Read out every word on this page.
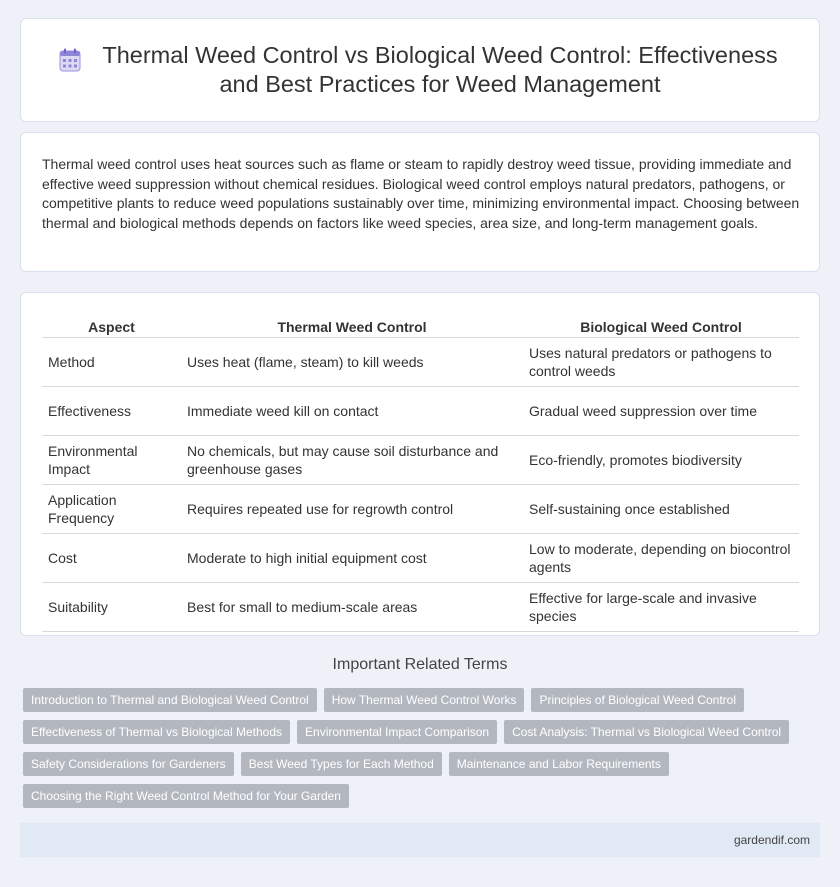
Thermal Weed Control vs Biological Weed Control: Effectiveness and Best Practices for Weed Management

Thermal weed control uses heat sources such as flame or steam to rapidly destroy weed tissue, providing immediate and effective weed suppression without chemical residues. Biological weed control employs natural predators, pathogens, or competitive plants to reduce weed populations sustainably over time, minimizing environmental impact. Choosing between thermal and biological methods depends on factors like weed species, area size, and long-term management goals.

Aspect	Thermal Weed Control	Biological Weed Control
Method	Uses heat (flame, steam) to kill weeds	Uses natural predators or pathogens to control weeds
Effectiveness	Immediate weed kill on contact	Gradual weed suppression over time
Environmental Impact	No chemicals, but may cause soil disturbance and greenhouse gases	Eco-friendly, promotes biodiversity
Application Frequency	Requires repeated use for regrowth control	Self-sustaining once established
Cost	Moderate to high initial equipment cost	Low to moderate, depending on biocontrol agents
Suitability	Best for small to medium-scale areas	Effective for large-scale and invasive species
Important Related Terms
Introduction to Thermal and Biological Weed Control	How Thermal Weed Control Works	Principles of Biological Weed Control
Effectiveness of Thermal vs Biological Methods	Environmental Impact Comparison	Cost Analysis: Thermal vs Biological Weed Control
Safety Considerations for Gardeners	Best Weed Types for Each Method	Maintenance and Labor Requirements
Choosing the Right Weed Control Method for Your Garden
gardendif.com
